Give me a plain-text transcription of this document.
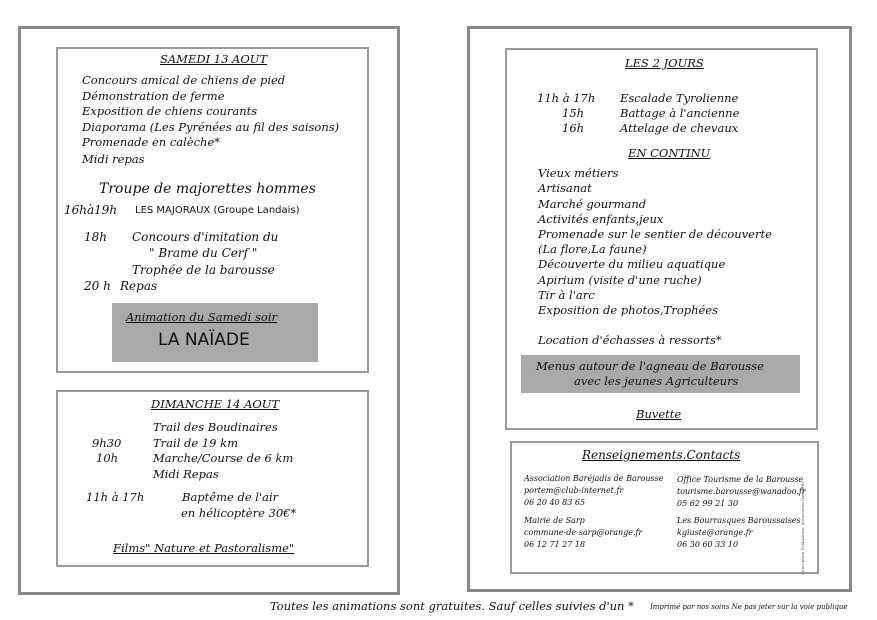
SAMEDI 13 AOUT
Concours amical de chiens de pied
Démonstration de ferme
Exposition de chiens courants
Diaporama (Les Pyrénées au fil des saisons)
Promenade en calèche*
Midi repas
Troupe de majorettes hommes
16hà19h LES MAJORAUX (Groupe Landais)
18h Concours d'imitation du
" Brame du Cerf "
Trophée de la barousse
20 h Repas
Animation du Samedi soir
LA NAÏADE
DIMANCHE 14 AOUT
Trail des Boudinaires
9h30	Trail de 19 km
10h	Marche/Course de 6 km
Midi Repas
11h à 17h	Baptême de l'air
en hélicoptère 30€*
Films" Nature et Pastoralisme"
LES 2 JOURS
11h à 17h Escalade Tyrolienne
15h	Battage à l'ancienne
16h	Attelage de chevaux
EN CONTINU
Vieux métiers
Artisanat
Marché gourmand
Activités enfants,jeux
Promenade sur le sentier de découverte
(La flore,La faune)
Découverte du milieu aquatique
Apirium (visite d'une ruche)
Tir à l'arc
Exposition de photos,Trophées
Location d'échasses à ressorts*
Menus autour de l'agneau de Barousse
avec les jeunes Agriculteurs
Buvette
Renseignements.Contacts
Association Baréjadis de Barousse
portem@club-internet.fr
06 20 40 83 65
Office Tourisme de la Barousse
tourisme.barousse@wanadoo.fr
05 62 99 21 30
Mairie de Sarp
commune-de-sarp@orange.fr
06 12 71 27 18
Les Bourrasques Baroussaises
kgiuste@orange.fr
06 30 60 33 10
Toutes les animations sont gratuites. Sauf celles suivies d'un * Imprimé par nos soins Ne pas jeter sur la voie publique
Conception Réalisation: Association Baréjadis
